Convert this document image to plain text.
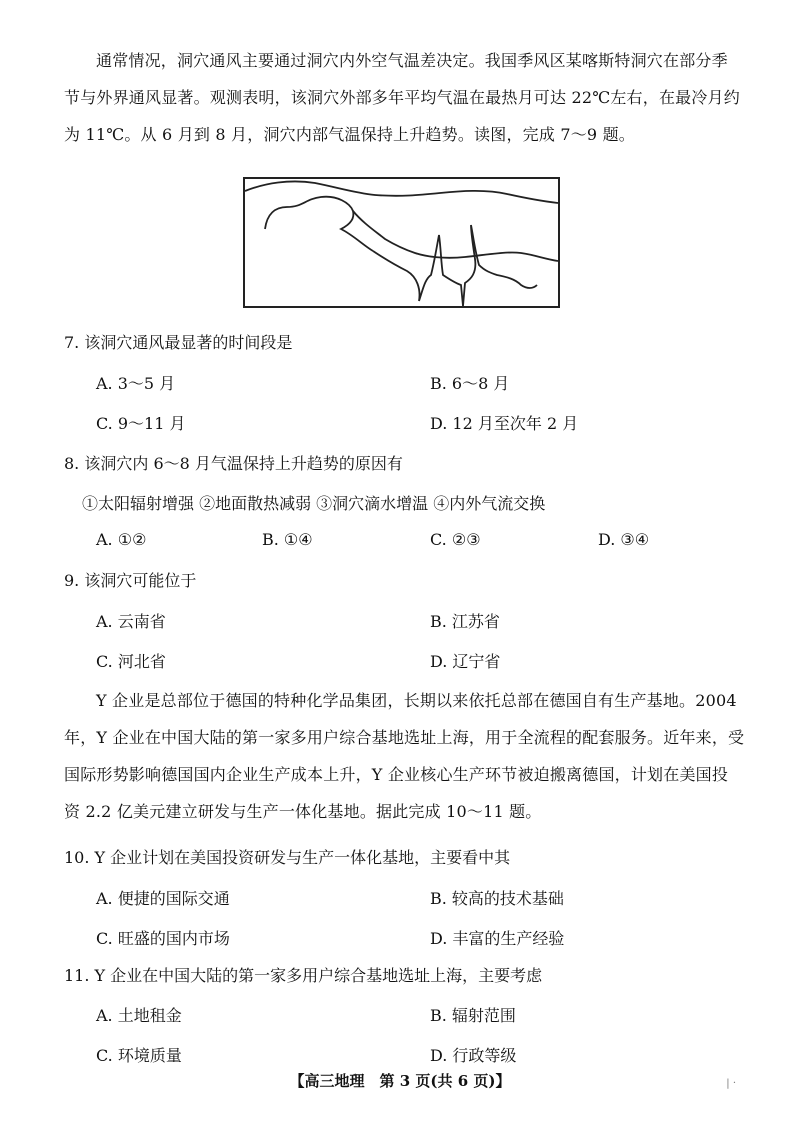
通常情况，洞穴通风主要通过洞穴内外空气温差决定。我国季风区某喀斯特洞穴在部分季
节与外界通风显著。观测表明，该洞穴外部多年平均气温在最热月可达 22℃左右，在最冷月约
为 11℃。从 6 月到 8 月，洞穴内部气温保持上升趋势。读图，完成 7～9 题。
7. 该洞穴通风最显著的时间段是
A. 3～5 月	B. 6～8 月
C. 9～11 月	D. 12 月至次年 2 月
8. 该洞穴内 6～8 月气温保持上升趋势的原因有
①太阳辐射增强 ②地面散热减弱 ③洞穴滴水增温 ④内外气流交换
A. ①②	B. ①④	C. ②③	D. ③④
9. 该洞穴可能位于
A. 云南省	B. 江苏省
C. 河北省	D. 辽宁省
Y 企业是总部位于德国的特种化学品集团，长期以来依托总部在德国自有生产基地。2004
年，Y 企业在中国大陆的第一家多用户综合基地选址上海，用于全流程的配套服务。近年来，受
国际形势影响德国国内企业生产成本上升，Y 企业核心生产环节被迫搬离德国，计划在美国投
资 2.2 亿美元建立研发与生产一体化基地。据此完成 10～11 题。
10. Y 企业计划在美国投资研发与生产一体化基地，主要看中其
A. 便捷的国际交通	B. 较高的技术基础
C. 旺盛的国内市场	D. 丰富的生产经验
11. Y 企业在中国大陆的第一家多用户综合基地选址上海，主要考虑
A. 土地租金	B. 辐射范围
C. 环境质量	D. 行政等级
【高三地理　第 3 页(共 6 页)】	| ·
